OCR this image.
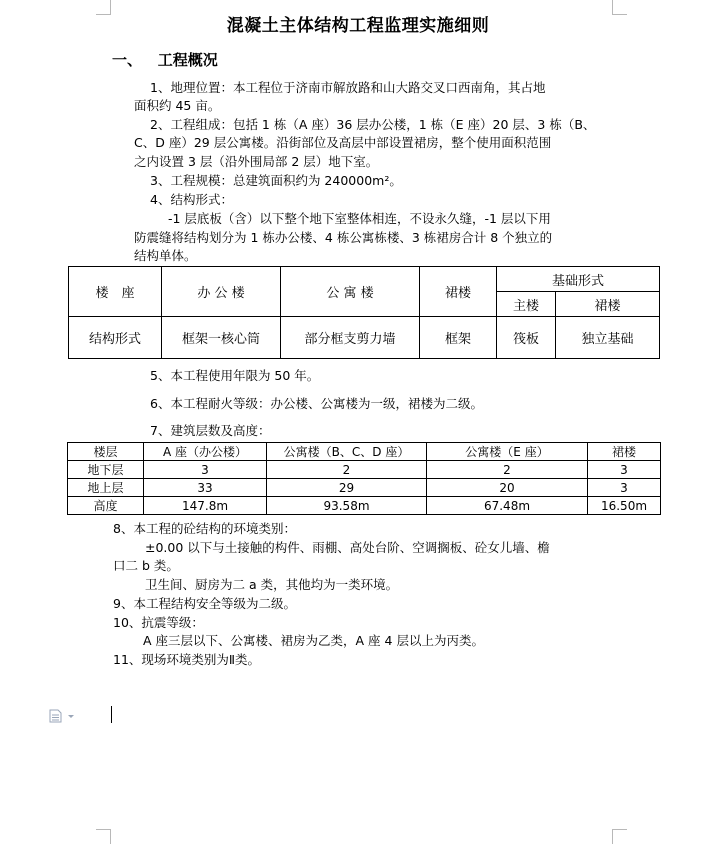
混凝土主体结构工程监理实施细则
一、 工程概况
1、地理位置：本工程位于济南市解放路和山大路交叉口西南角，其占地
面积约 45 亩。
2、工程组成：包括 1 栋（A 座）36 层办公楼，1 栋（E 座）20 层、3 栋（B、
C、D 座）29 层公寓楼。沿街部位及高层中部设置裙房，整个使用面积范围
之内设置 3 层（沿外围局部 2 层）地下室。
3、工程规模：总建筑面积约为 240000m²。
4、结构形式：
-1 层底板（含）以下整个地下室整体相连，不设永久缝，-1 层以下用
防震缝将结构划分为 1 栋办公楼、4 栋公寓栋楼、3 栋裙房合计 8 个独立的
结构单体。
楼　座	办 公 楼	公 寓 楼	裙楼	基础形式	
				主楼	裙楼
结构形式	框架一核心筒	部分框支剪力墙	框架	筏板	独立基础
5、本工程使用年限为 50 年。
6、本工程耐火等级：办公楼、公寓楼为一级，裙楼为二级。
7、建筑层数及高度：
楼层	A 座（办公楼）	公寓楼（B、C、D 座）	公寓楼（E 座）	裙楼
地下层	3	2	2	3
地上层	33	29	20	3
高度	147.8m	93.58m	67.48m	16.50m
8、本工程的砼结构的环境类别：
±0.00 以下与土接触的构件、雨棚、高处台阶、空调搁板、砼女儿墙、檐
口二 b 类。
卫生间、厨房为二 a 类，其他均为一类环境。
9、本工程结构安全等级为二级。
10、抗震等级：
A 座三层以下、公寓楼、裙房为乙类，A 座 4 层以上为丙类。
11、现场环境类别为Ⅱ类。
